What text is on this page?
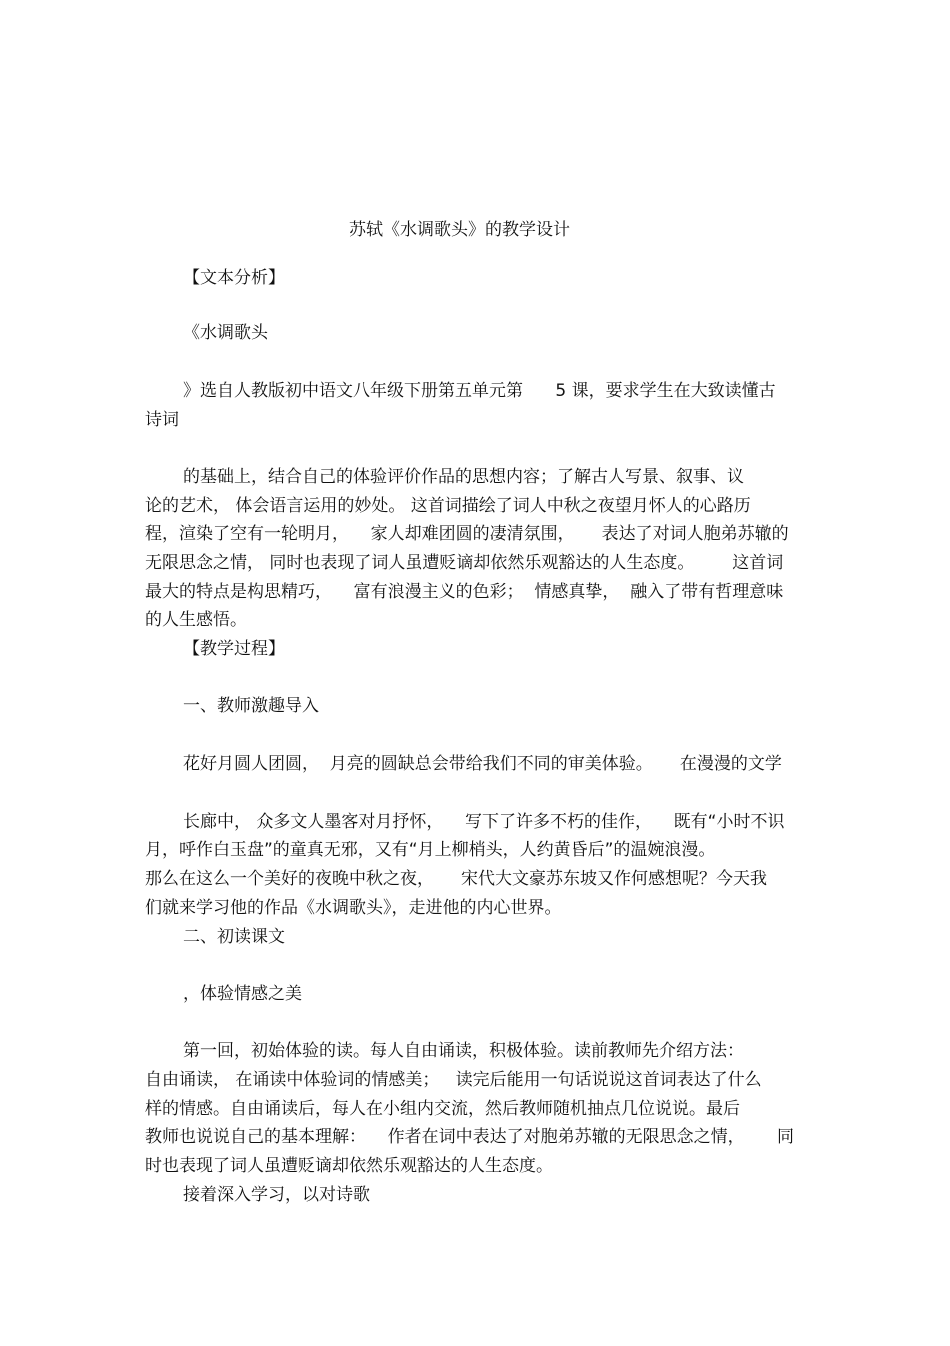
苏轼《水调歌头》的教学设计
【文本分析】
《水调歌头
》选自人教版初中语文八年级下册第五单元第      5 课，要求学生在大致读懂古
诗词
的基础上，结合自己的体验评价作品的思想内容；了解古人写景、叙事、议
论的艺术， 体会语言运用的妙处。 这首词描绘了词人中秋之夜望月怀人的心路历
程，渲染了空有一轮明月，    家人却难团圆的凄清氛围，     表达了对词人胞弟苏辙的
无限思念之情， 同时也表现了词人虽遭贬谪却依然乐观豁达的人生态度。       这首词
最大的特点是构思精巧，    富有浪漫主义的色彩；  情感真挚，  融入了带有哲理意味
的人生感悟。
【教学过程】
一、教师激趣导入
花好月圆人团圆，  月亮的圆缺总会带给我们不同的审美体验。     在漫漫的文学
长廊中， 众多文人墨客对月抒怀，    写下了许多不朽的佳作，    既有“小时不识
月，呼作白玉盘”的童真无邪，又有“月上柳梢头，人约黄昏后”的温婉浪漫。
那么在这么一个美好的夜晚中秋之夜，     宋代大文豪苏东坡又作何感想呢？今天我
们就来学习他的作品《水调歌头》，走进他的内心世界。
二、初读课文
，体验情感之美
第一回，初始体验的读。每人自由诵读，积极体验。读前教师先介绍方法：
自由诵读， 在诵读中体验词的情感美；   读完后能用一句话说说这首词表达了什么
样的情感。自由诵读后，每人在小组内交流，然后教师随机抽点几位说说。最后
教师也说说自己的基本理解：    作者在词中表达了对胞弟苏辙的无限思念之情，      同
时也表现了词人虽遭贬谪却依然乐观豁达的人生态度。
接着深入学习，以对诗歌
